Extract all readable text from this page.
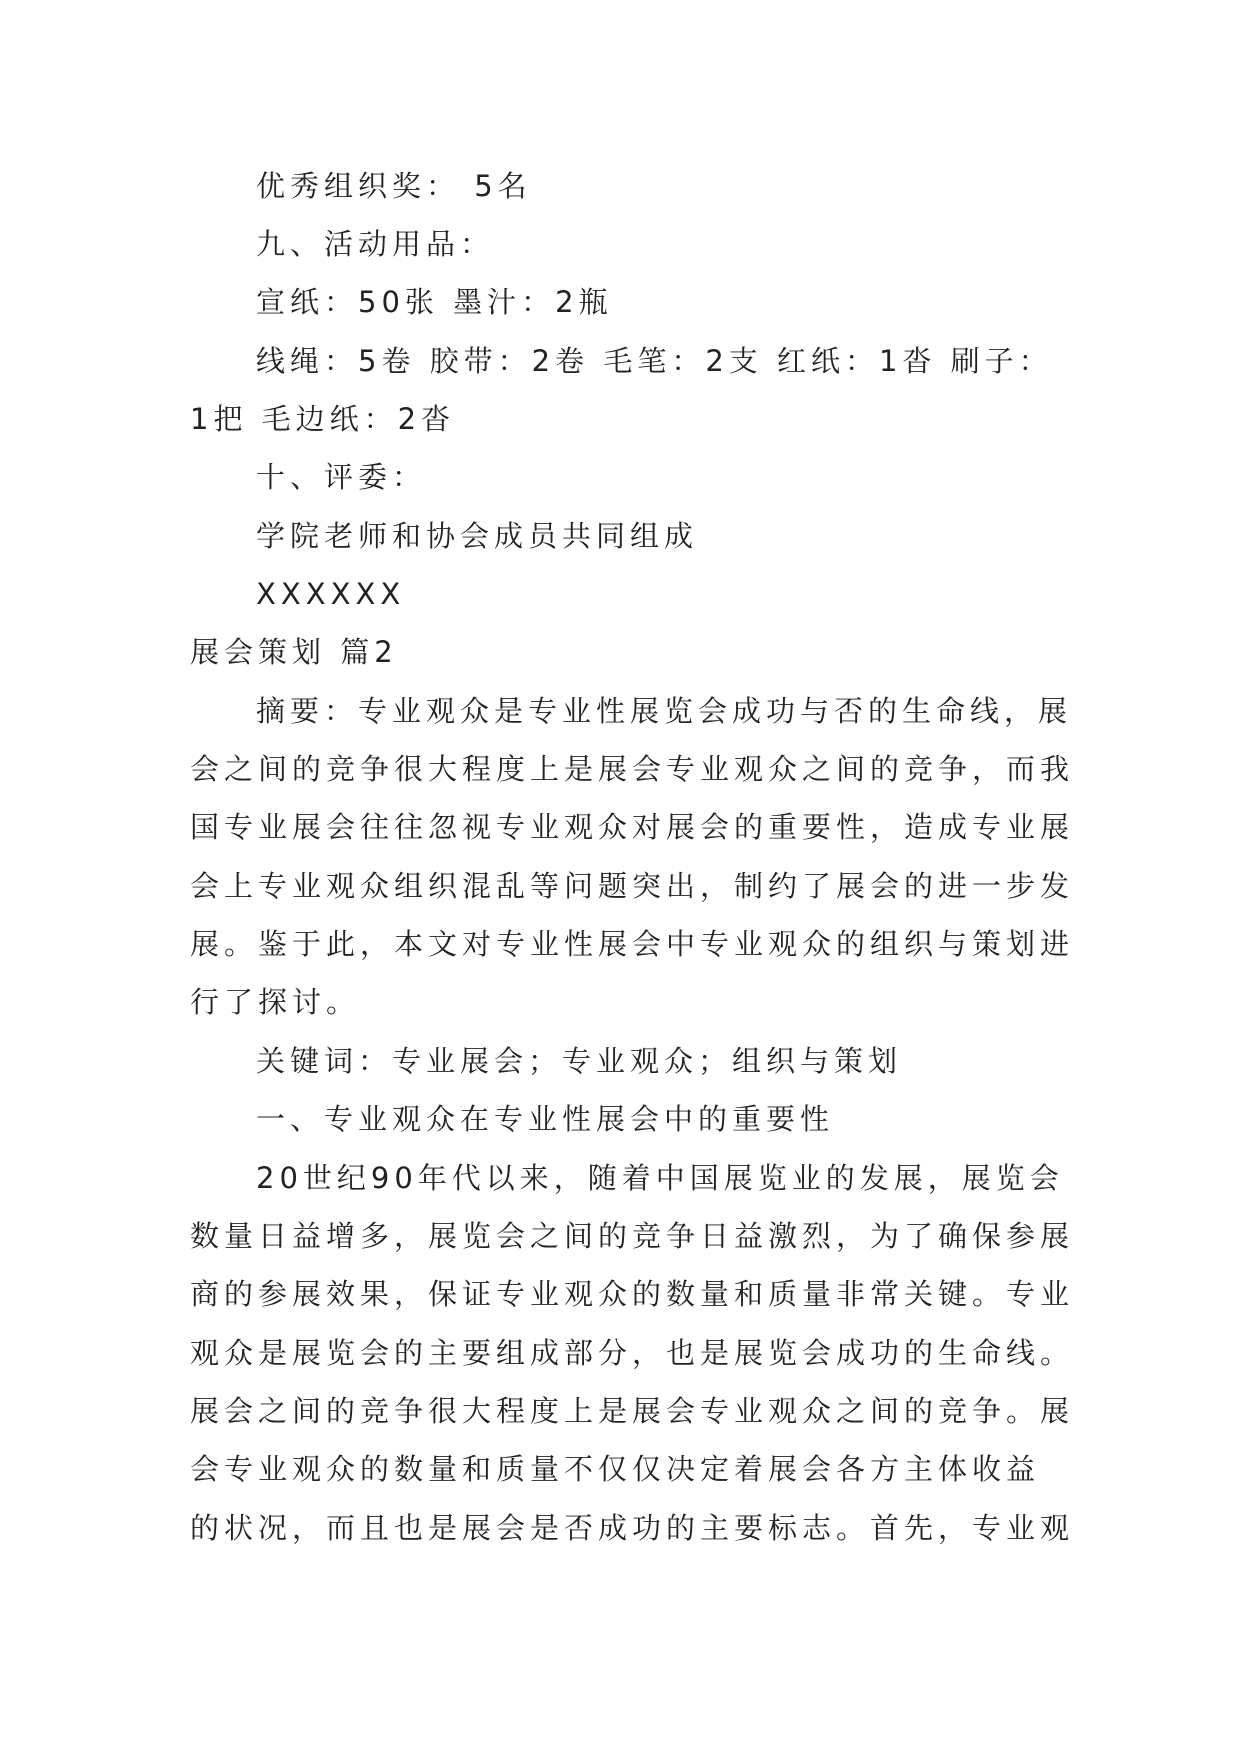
优秀组织奖： 5名
九、活动用品：
宣纸：50张 墨汁：2瓶
线绳：5卷 胶带：2卷 毛笔：2支 红纸：1沓 刷子：
1把 毛边纸：2沓
十、评委：
学院老师和协会成员共同组成
XXXXXX
展会策划 篇2
摘要：专业观众是专业性展览会成功与否的生命线，展
会之间的竞争很大程度上是展会专业观众之间的竞争，而我
国专业展会往往忽视专业观众对展会的重要性，造成专业展
会上专业观众组织混乱等问题突出，制约了展会的进一步发
展。鉴于此，本文对专业性展会中专业观众的组织与策划进
行了探讨。
关键词：专业展会；专业观众；组织与策划
一、专业观众在专业性展会中的重要性
20世纪90年代以来，随着中国展览业的发展，展览会
数量日益增多，展览会之间的竞争日益激烈，为了确保参展
商的参展效果，保证专业观众的数量和质量非常关键。专业
观众是展览会的主要组成部分，也是展览会成功的生命线。
展会之间的竞争很大程度上是展会专业观众之间的竞争。展
会专业观众的数量和质量不仅仅决定着展会各方主体收益
的状况，而且也是展会是否成功的主要标志。首先，专业观
